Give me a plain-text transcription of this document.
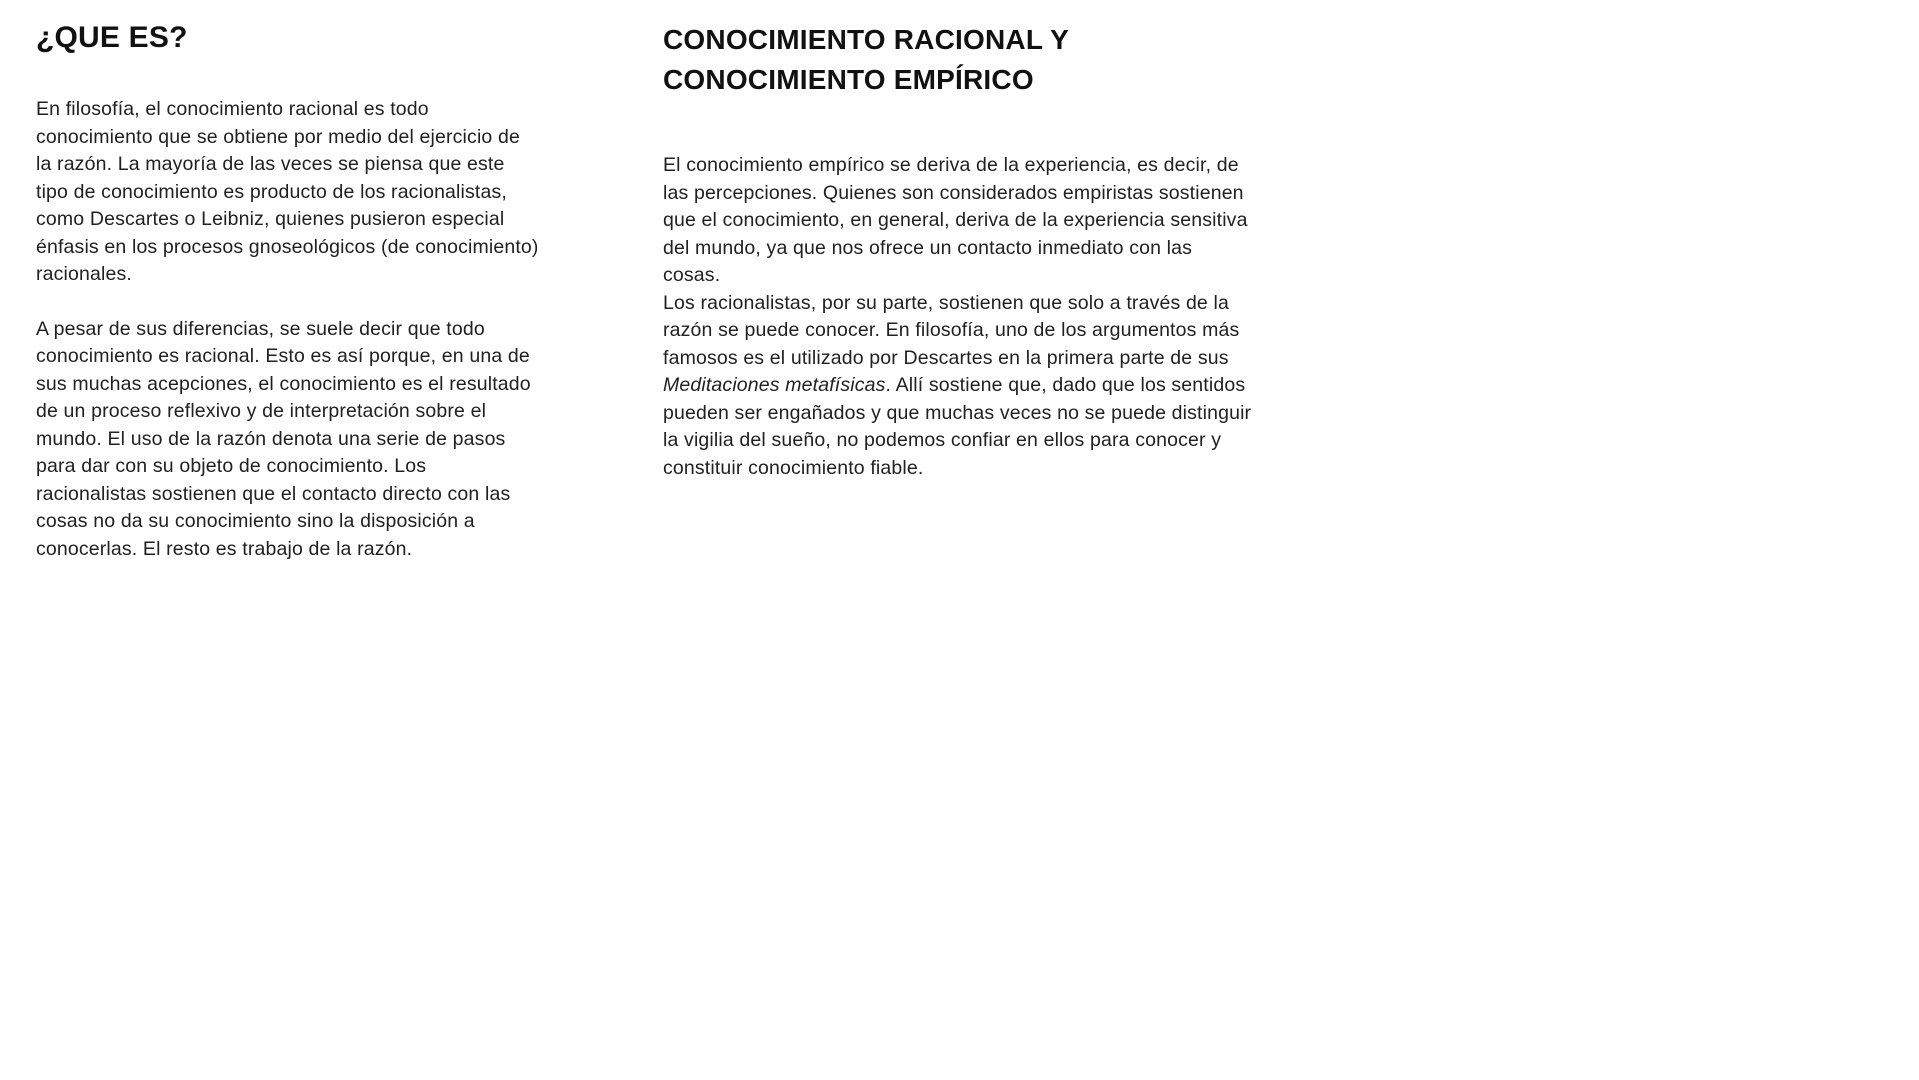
¿QUE ES?

En filosofía, el conocimiento racional es todo conocimiento que se obtiene por medio del ejercicio de la razón. La mayoría de las veces se piensa que este tipo de conocimiento es producto de los racionalistas, como Descartes o Leibniz, quienes pusieron especial énfasis en los procesos gnoseológicos (de conocimiento) racionales.

A pesar de sus diferencias, se suele decir que todo conocimiento es racional. Esto es así porque, en una de sus muchas acepciones, el conocimiento es el resultado de un proceso reflexivo y de interpretación sobre el mundo. El uso de la razón denota una serie de pasos para dar con su objeto de conocimiento. Los racionalistas sostienen que el contacto directo con las cosas no da su conocimiento sino la disposición a conocerlas. El resto es trabajo de la razón.

CONOCIMIENTO RACIONAL Y CONOCIMIENTO EMPÍRICO

El conocimiento empírico se deriva de la experiencia, es decir, de las percepciones. Quienes son considerados empiristas sostienen que el conocimiento, en general, deriva de la experiencia sensitiva del mundo, ya que nos ofrece un contacto inmediato con las cosas.

Los racionalistas, por su parte, sostienen que solo a través de la razón se puede conocer. En filosofía, uno de los argumentos más famosos es el utilizado por Descartes en la primera parte de sus Meditaciones metafísicas. Allí sostiene que, dado que los sentidos pueden ser engañados y que muchas veces no se puede distinguir la vigilia del sueño, no podemos confiar en ellos para conocer y constituir conocimiento fiable.
